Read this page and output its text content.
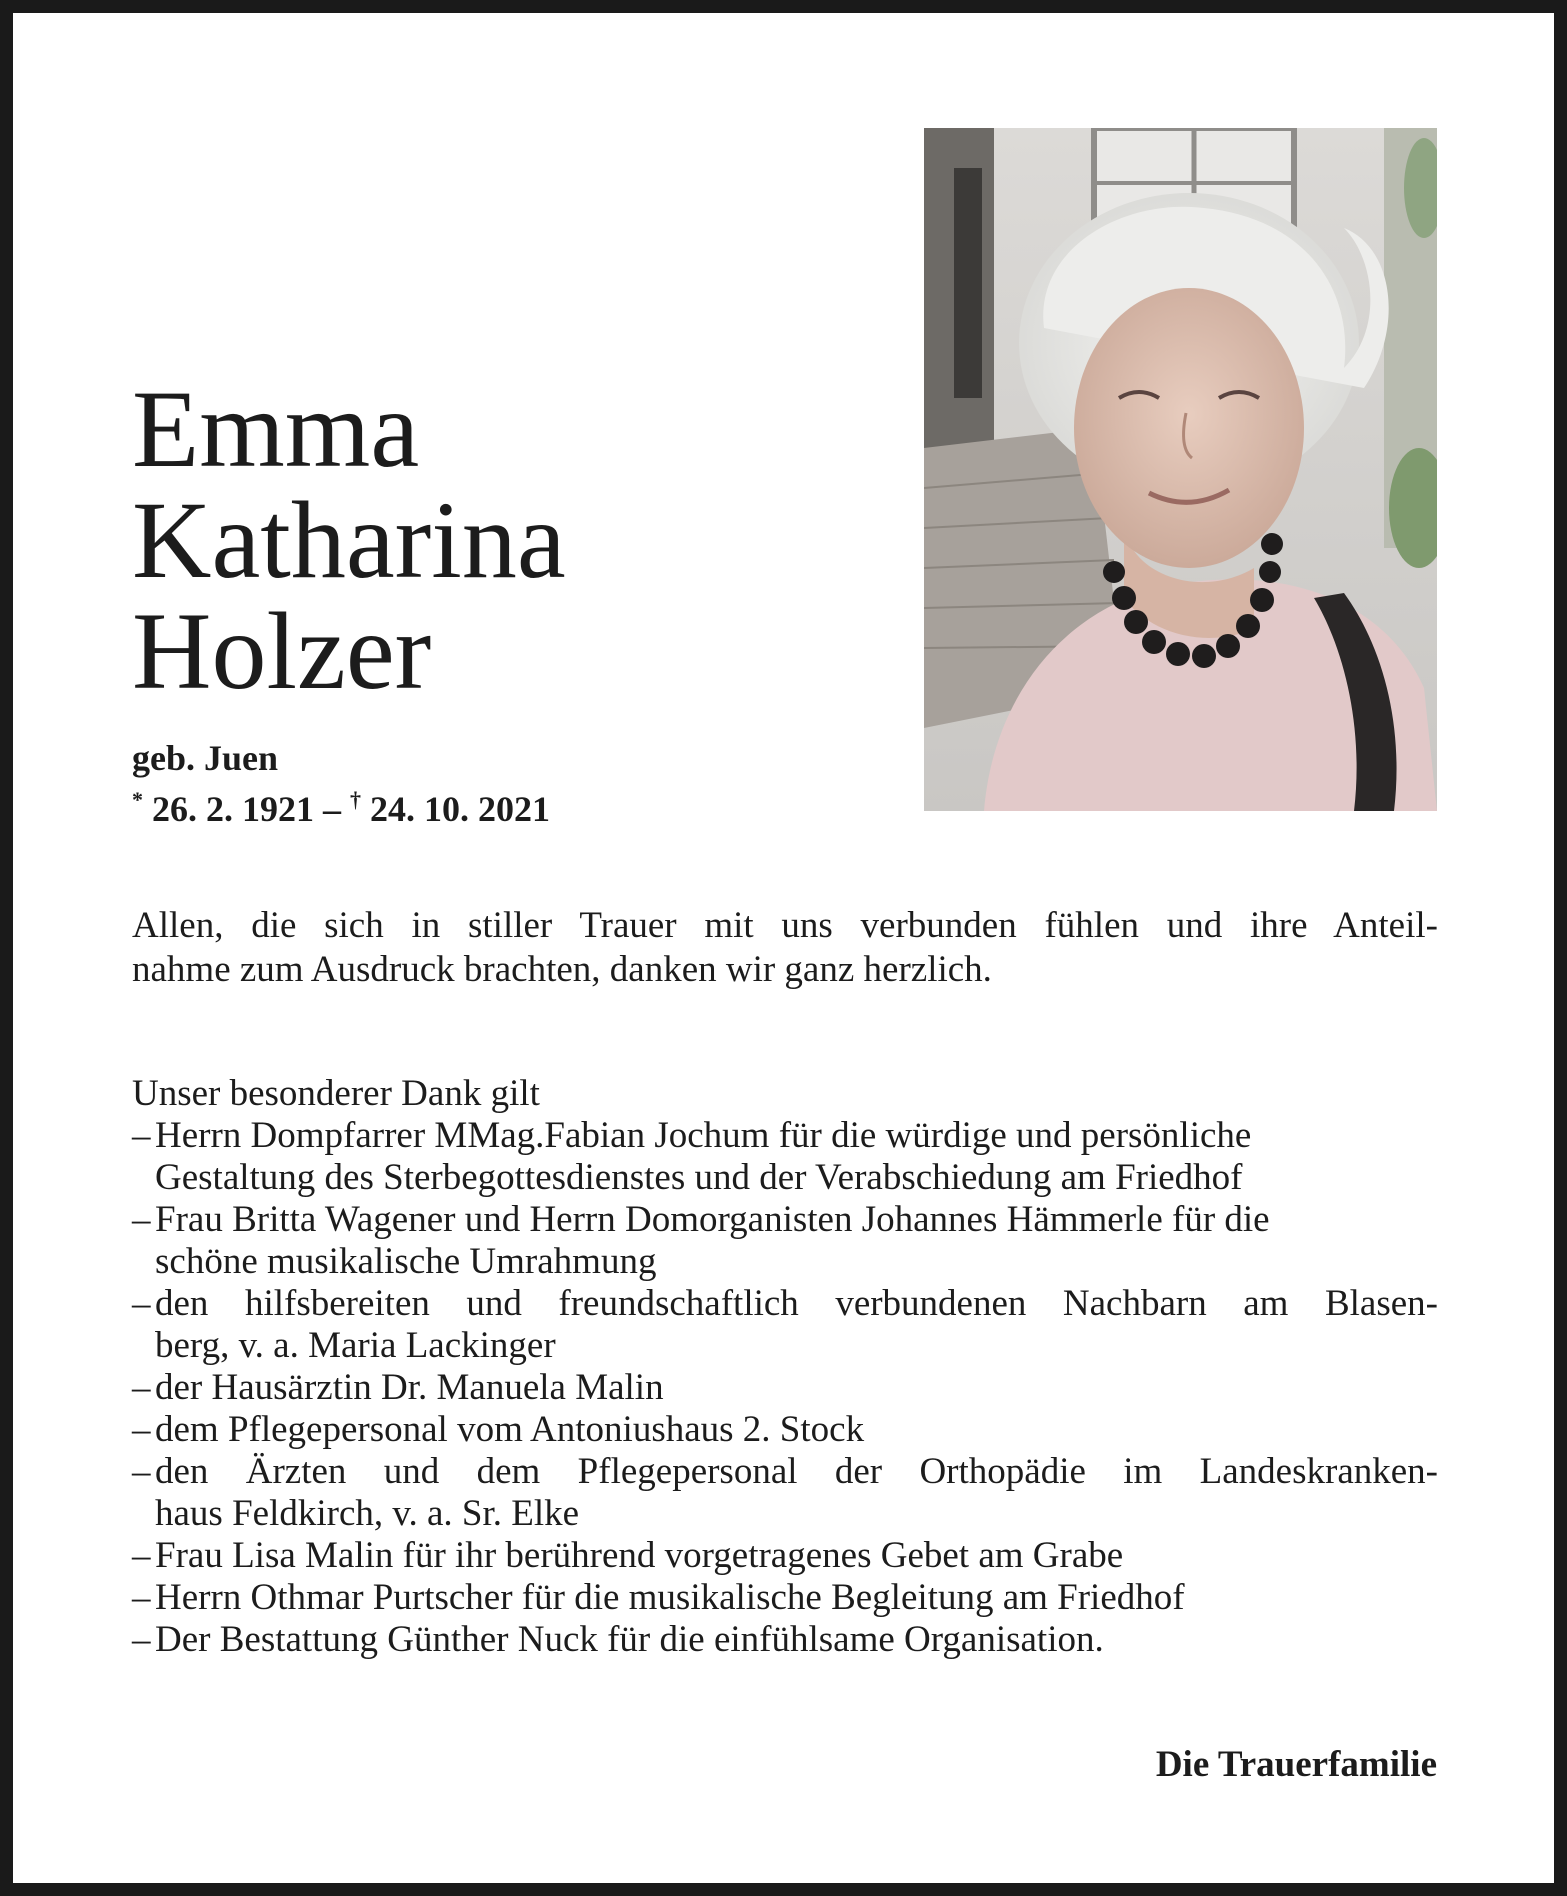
Emma
Katharina
Holzer
geb. Juen
* 26. 2. 1921 – † 24. 10. 2021
Allen, die sich in stiller Trauer mit uns verbunden fühlen und ihre Anteil-
nahme zum Ausdruck brachten, danken wir ganz herzlich.
Unser besonderer Dank gilt
– Herrn Dompfarrer MMag.Fabian Jochum für die würdige und persönliche
Gestaltung des Sterbegottesdienstes und der Verabschiedung am Friedhof
– Frau Britta Wagener und Herrn Domorganisten Johannes Hämmerle für die
schöne musikalische Umrahmung
– den hilfsbereiten und freundschaftlich verbundenen Nachbarn am Blasen-
berg, v. a. Maria Lackinger
– der Hausärztin Dr. Manuela Malin
– dem Pflegepersonal vom Antoniushaus 2. Stock
– den Ärzten und dem Pflegepersonal der Orthopädie im Landeskranken-
haus Feldkirch, v. a. Sr. Elke
– Frau Lisa Malin für ihr berührend vorgetragenes Gebet am Grabe
– Herrn Othmar Purtscher für die musikalische Begleitung am Friedhof
– Der Bestattung Günther Nuck für die einfühlsame Organisation.
Die Trauerfamilie
